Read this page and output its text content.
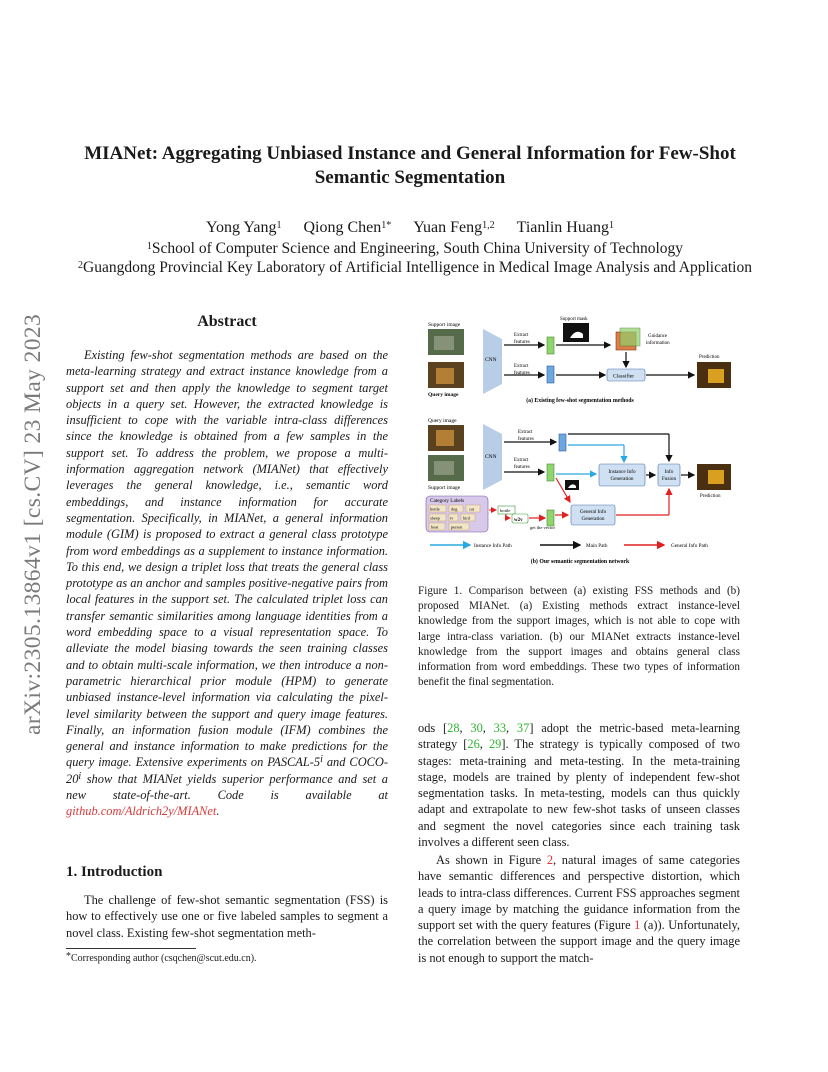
arXiv:2305.13864v1 [cs.CV] 23 May 2023
MIANet: Aggregating Unbiased Instance and General Information for Few-Shot
Semantic Segmentation
Yong Yang$^1$ Qiong Chen$^{1*}$ Yuan Feng$^{1,2}$ Tianlin Huang$^1$
$^1$School of Computer Science and Engineering, South China University of Technology
$^2$Guangdong Provincial Key Laboratory of Artificial Intelligence in Medical Image Analysis and Application
Abstract
Existing few-shot segmentation methods are based on the meta-learning strategy and extract instance knowledge from a support set and then apply the knowledge to segment target objects in a query set. However, the extracted knowledge is insufficient to cope with the variable intra-class differences since the knowledge is obtained from a few samples in the support set. To address the problem, we propose a multi-information aggregation network (MIANet) that effectively leverages the general knowledge, i.e., semantic word embeddings, and instance information for accurate segmentation. Specifically, in MIANet, a general information module (GIM) is proposed to extract a general class prototype from word embeddings as a supplement to instance information. To this end, we design a triplet loss that treats the general class prototype as an anchor and samples positive-negative pairs from local features in the support set. The calculated triplet loss can transfer semantic similarities among language identities from a word embedding space to a visual representation space. To alleviate the model biasing towards the seen training classes and to obtain multi-scale information, we then introduce a non-parametric hierarchical prior module (HPM) to generate unbiased instance-level information via calculating the pixel-level similarity between the support and query image features. Finally, an information fusion module (IFM) combines the general and instance information to make predictions for the query image. Extensive experiments on PASCAL-5$^i$ and COCO-20$^i$ show that MIANet yields superior performance and set a new state-of-the-art. Code is available at github.com/Aldrich2y/MIANet.
1. Introduction
The challenge of few-shot semantic segmentation (FSS) is how to effectively use one or five labeled samples to segment a novel class. Existing few-shot segmentation meth-
*Corresponding author (csqchen@scut.edu.cn).
Support image
Query image
CNN
Extract
features
Extract
features
Support mask
Guidance
information
Classifier
Prediction
(a) Existing few-shot segmentation methods
Query image
Support image
CNN
Extract
features
Extract
features
Instance Info
Generation
Info
Fusion
Prediction
Category Labels
bottle	dog	cat
sheep tv bird
boat	person
bottle
w2v
get the vector
General Info
Generation
Instance Info Path	Main Path	General Info Path
(b) Our semantic segmentation network
Figure 1. Comparison between (a) existing FSS methods and (b) proposed MIANet. (a) Existing methods extract instance-level knowledge from the support images, which is not able to cope with large intra-class variation. (b) our MIANet extracts instance-level knowledge from the support images and obtains general class information from word embeddings. These two types of information benefit the final segmentation.
ods [28, 30, 33, 37] adopt the metric-based meta-learning strategy [26, 29]. The strategy is typically composed of two stages: meta-training and meta-testing. In the meta-training stage, models are trained by plenty of independent few-shot segmentation tasks. In meta-testing, models can thus quickly adapt and extrapolate to new few-shot tasks of unseen classes and segment the novel categories since each training task involves a different seen class.
As shown in Figure 2, natural images of same categories have semantic differences and perspective distortion, which leads to intra-class differences. Current FSS approaches segment a query image by matching the guidance information from the support set with the query features (Figure 1 (a)). Unfortunately, the correlation between the support image and the query image is not enough to support the match-
